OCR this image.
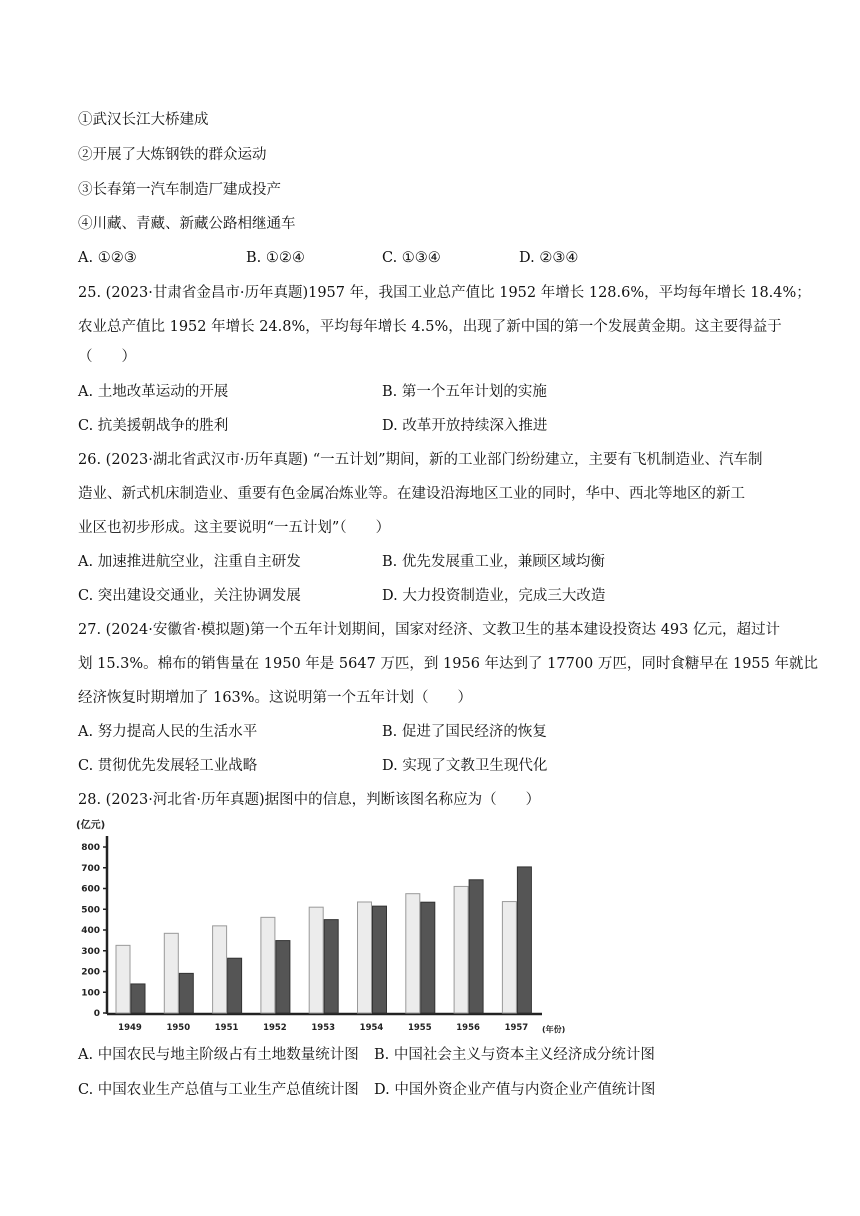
①武汉长江大桥建成
②开展了大炼钢铁的群众运动
③长春第一汽车制造厂建成投产
④川藏、青藏、新藏公路相继通车
A. ①②③	B. ①②④	C. ①③④	D. ②③④
25. (2023·甘肃省金昌市·历年真题)1957 年，我国工业总产值比 1952 年增长 128.6%，平均每年增长 18.4%；
农业总产值比 1952 年增长 24.8%，平均每年增长 4.5%，出现了新中国的第一个发展黄金期。这主要得益于
（　　）
A. 土地改革运动的开展	B. 第一个五年计划的实施
C. 抗美援朝战争的胜利	D. 改革开放持续深入推进
26. (2023·湖北省武汉市·历年真题) “一五计划”期间，新的工业部门纷纷建立，主要有飞机制造业、汽车制
造业、新式机床制造业、重要有色金属冶炼业等。在建设沿海地区工业的同时，华中、西北等地区的新工
业区也初步形成。这主要说明“一五计划”（　　）
A. 加速推进航空业，注重自主研发	B. 优先发展重工业，兼顾区域均衡
C. 突出建设交通业，关注协调发展	D. 大力投资制造业，完成三大改造
27. (2024·安徽省·模拟题)第一个五年计划期间，国家对经济、文教卫生的基本建设投资达 493 亿元，超过计
划 15.3%。棉布的销售量在 1950 年是 5647 万匹，到 1956 年达到了 17700 万匹，同时食糖早在 1955 年就比
经济恢复时期增加了 163%。这说明第一个五年计划（　　）
A. 努力提高人民的生活水平	B. 促进了国民经济的恢复
C. 贯彻优先发展轻工业战略	D. 实现了文教卫生现代化
28. (2023·河北省·历年真题)据图中的信息，判断该图名称应为（　　）
(亿元)
(年份)
0
100
200
300
400
500
600
700
800
1949	1950	1951	1952	1953	1954	1955	1956	1957
A. 中国农民与地主阶级占有土地数量统计图 B. 中国社会主义与资本主义经济成分统计图
C. 中国农业生产总值与工业生产总值统计图 D. 中国外资企业产值与内资企业产值统计图
